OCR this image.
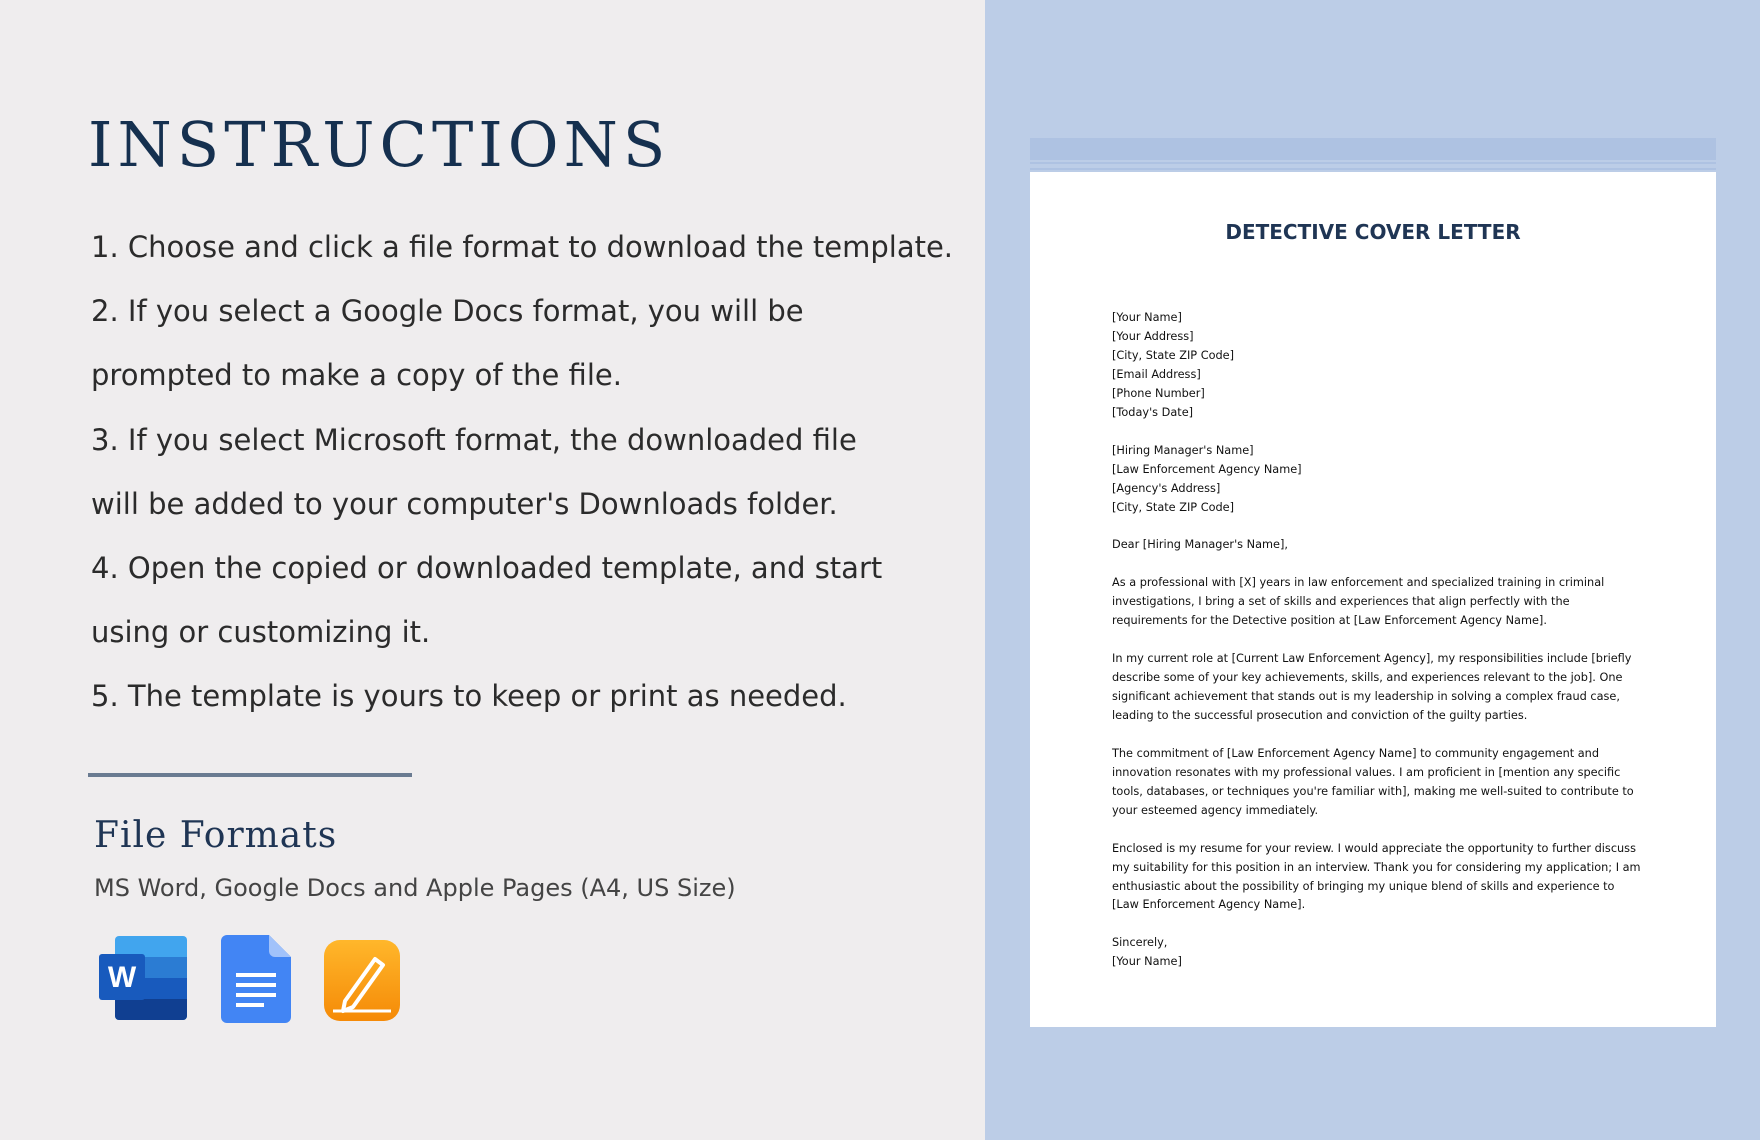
INSTRUCTIONS
1. Choose and click a file format to download the template.
2. If you select a Google Docs format, you will be
prompted to make a copy of the file.
3. If you select Microsoft format, the downloaded file
will be added to your computer's Downloads folder.
4. Open the copied or downloaded template, and start
using or customizing it.
5. The template is yours to keep or print as needed.
File Formats

MS Word, Google Docs and Apple Pages (A4, US Size)

W
DETECTIVE COVER LETTER

[Your Name]
[Your Address]
[City, State ZIP Code]
[Email Address]
[Phone Number]
[Today's Date]

[Hiring Manager's Name]
[Law Enforcement Agency Name]
[Agency's Address]
[City, State ZIP Code]

Dear [Hiring Manager's Name],

As a professional with [X] years in law enforcement and specialized training in criminal
investigations, I bring a set of skills and experiences that align perfectly with the
requirements for the Detective position at [Law Enforcement Agency Name].

In my current role at [Current Law Enforcement Agency], my responsibilities include [briefly
describe some of your key achievements, skills, and experiences relevant to the job]. One
significant achievement that stands out is my leadership in solving a complex fraud case,
leading to the successful prosecution and conviction of the guilty parties.

The commitment of [Law Enforcement Agency Name] to community engagement and
innovation resonates with my professional values. I am proficient in [mention any specific
tools, databases, or techniques you're familiar with], making me well-suited to contribute to
your esteemed agency immediately.

Enclosed is my resume for your review. I would appreciate the opportunity to further discuss
my suitability for this position in an interview. Thank you for considering my application; I am
enthusiastic about the possibility of bringing my unique blend of skills and experience to
[Law Enforcement Agency Name].

Sincerely,
[Your Name]
